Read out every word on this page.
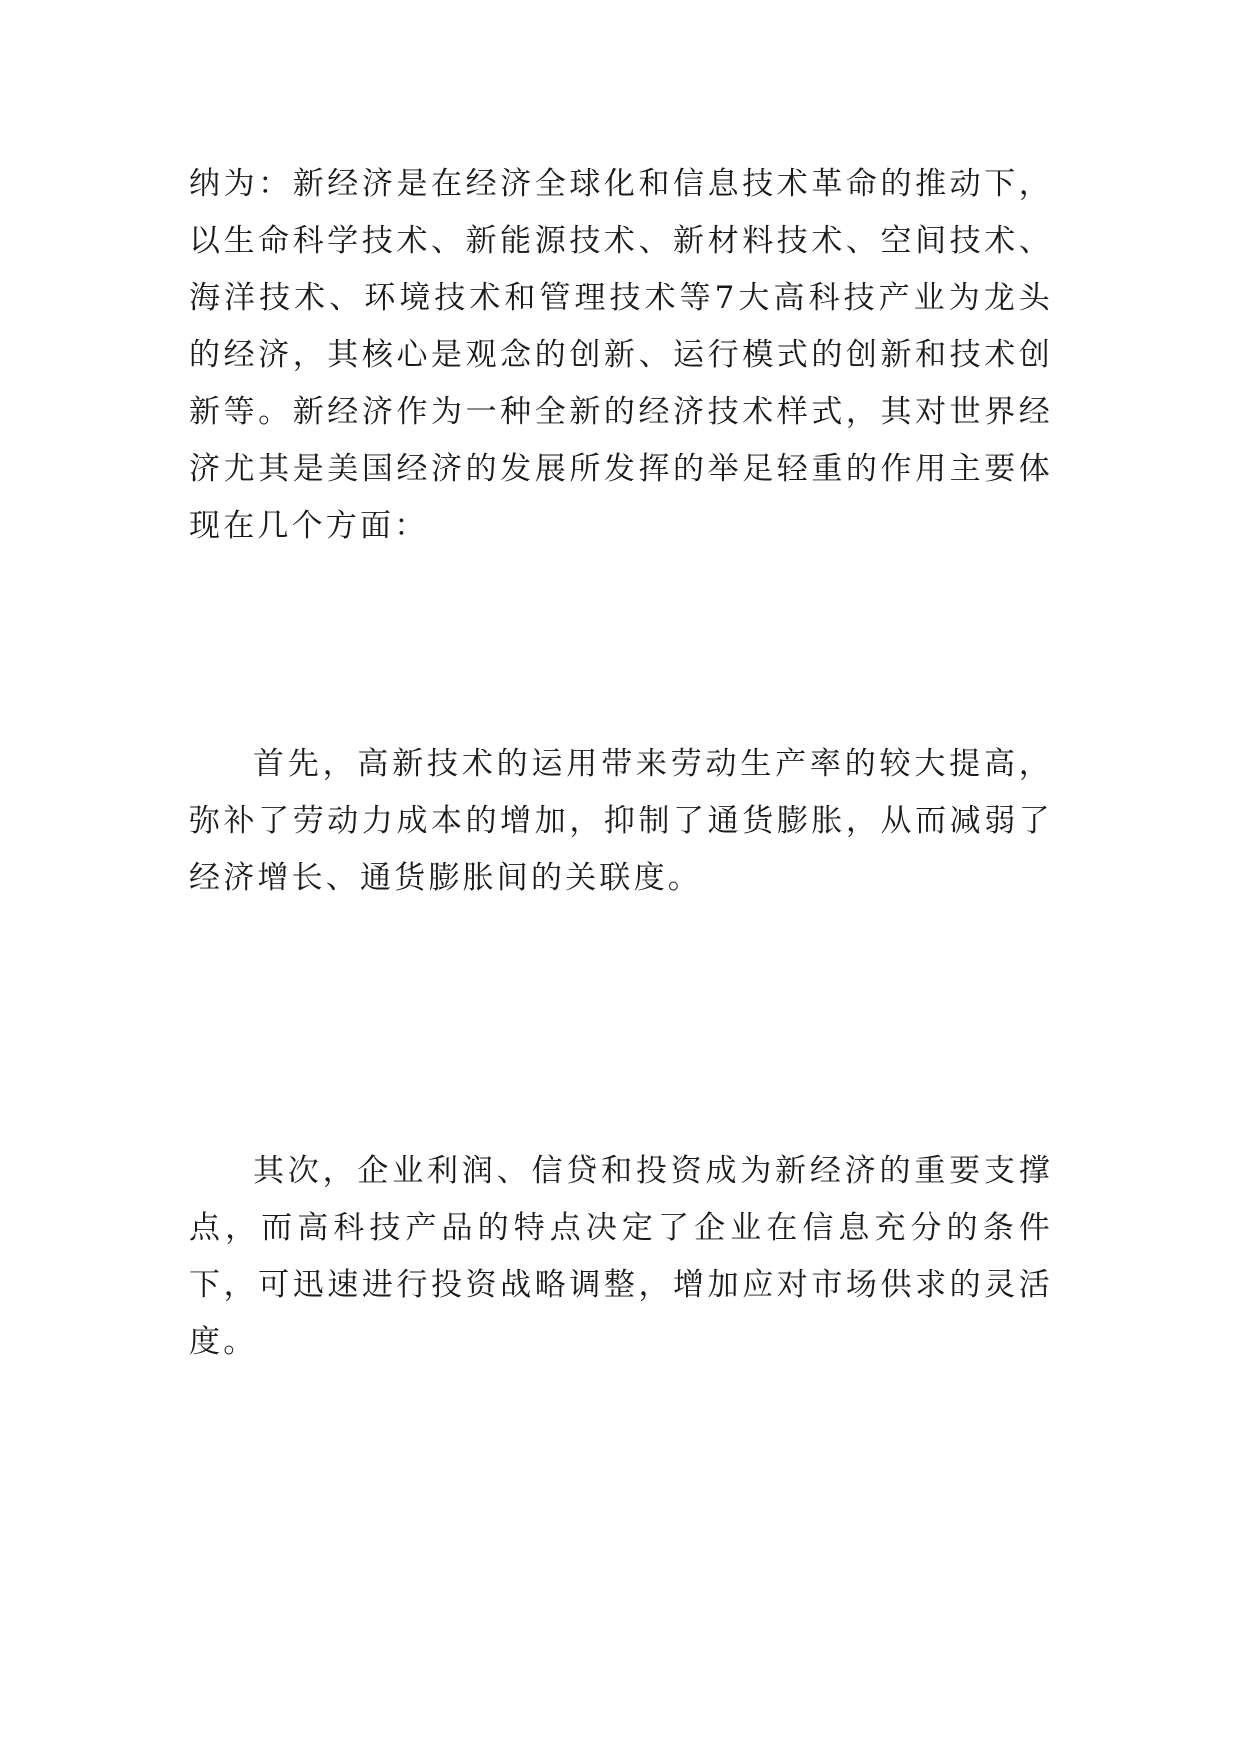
纳为：新经济是在经济全球化和信息技术革命的推动下，以生命科学技术、新能源技术、新材料技术、空间技术、海洋技术、环境技术和管理技术等7大高科技产业为龙头的经济，其核心是观念的创新、运行模式的创新和技术创新等。新经济作为一种全新的经济技术样式，其对世界经济尤其是美国经济的发展所发挥的举足轻重的作用主要体现在几个方面：

首先，高新技术的运用带来劳动生产率的较大提高，弥补了劳动力成本的增加，抑制了通货膨胀，从而减弱了经济增长、通货膨胀间的关联度。

其次，企业利润、信贷和投资成为新经济的重要支撑点，而高科技产品的特点决定了企业在信息充分的条件下，可迅速进行投资战略调整，增加应对市场供求的灵活度。
